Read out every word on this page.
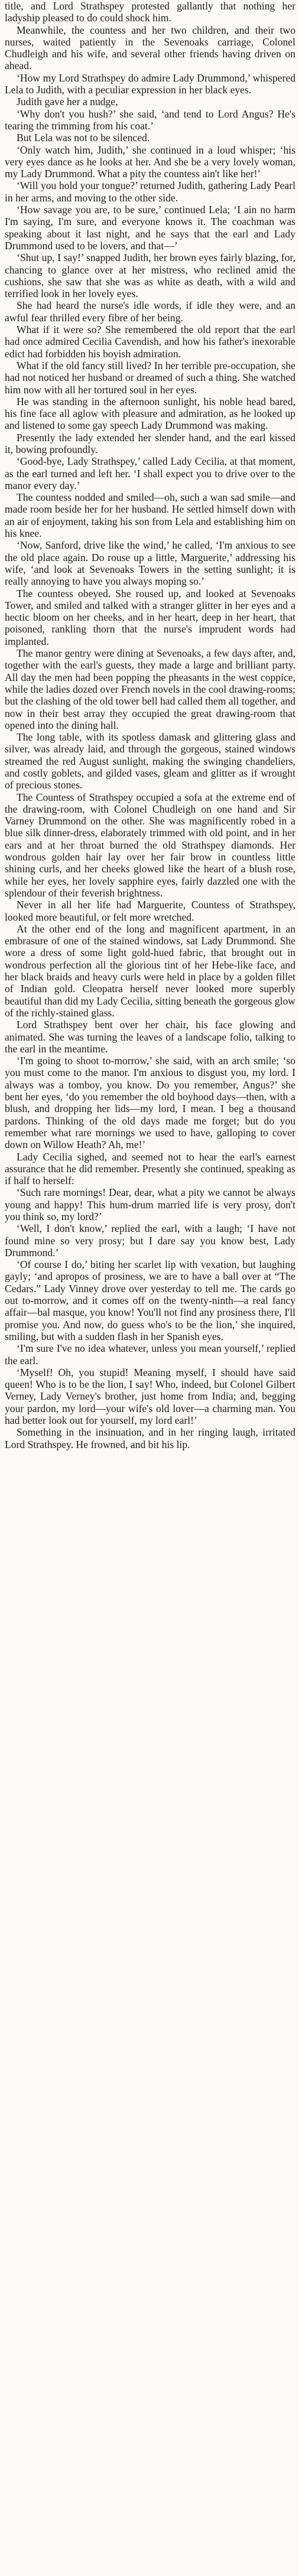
title, and Lord Strathspey protested gallantly that nothing her ladyship pleased to do could shock him.

Meanwhile, the countess and her two children, and their two nurses, waited patiently in the Sevenoaks carriage, Colonel Chudleigh and his wife, and several other friends having driven on ahead.

‘How my Lord Strathspey do admire Lady Drummond,’ whispered Lela to Judith, with a peculiar expression in her black eyes.

Judith gave her a nudge,

‘Why don't you hush?’ she said, ‘and tend to Lord Angus? He's tearing the trimming from his coat.’

But Lela was not to be silenced.

‘Only watch him, Judith,’ she continued in a loud whisper; ‘his very eyes dance as he looks at her. And she be a very lovely woman, my Lady Drummond. What a pity the countess ain't like her!’

‘Will you hold your tongue?’ returned Judith, gathering Lady Pearl in her arms, and moving to the other side.

‘How savage you are, to be sure,’ continued Lela; ‘I ain no harm I'm saying, I'm sure, and everyone knows it. The coachman was speaking about it last night, and he says that the earl and Lady Drummond used to be lovers, and that—’

‘Shut up, I say!’ snapped Judith, her brown eyes fairly blazing, for, chancing to glance over at her mistress, who reclined amid the cushions, she saw that she was as white as death, with a wild and terrified look in her lovely eyes.

She had heard the nurse's idle words, if idle they were, and an awful fear thrilled every fibre of her being.

What if it were so? She remembered the old report that the earl had once admired Cecilia Cavendish, and how his father's inexorable edict had forbidden his boyish admiration.

What if the old fancy still lived? In her terrible pre-occupation, she had not noticed her husband or dreamed of such a thing. She watched him now with all her tortured soul in her eyes.

He was standing in the afternoon sunlight, his noble head bared, his fine face all aglow with pleasure and admiration, as he looked up and listened to some gay speech Lady Drummond was making.

Presently the lady extended her slender hand, and the earl kissed it, bowing profoundly.

‘Good-bye, Lady Strathspey,’ called Lady Cecilia, at that moment, as the earl turned and left her. ‘I shall expect you to drive over to the manor every day.’

The countess nodded and smiled—oh, such a wan sad smile—and made room beside her for her husband. He settled himself down with an air of enjoyment, taking his son from Lela and establishing him on his knee.

‘Now, Sanford, drive like the wind,’ he called, ‘I'm anxious to see the old place again. Do rouse up a little, Marguerite,’ addressing his wife, ‘and look at Sevenoaks Towers in the setting sunlight; it is really annoying to have you always moping so.’

The countess obeyed. She roused up, and looked at Sevenoaks Tower, and smiled and talked with a stranger glitter in her eyes and a hectic bloom on her cheeks, and in her heart, deep in her heart, that poisoned, rankling thorn that the nurse's imprudent words had implanted.

The manor gentry were dining at Sevenoaks, a few days after, and, together with the earl's guests, they made a large and brilliant party. All day the men had been popping the pheasants in the west coppice, while the ladies dozed over French novels in the cool drawing-rooms; but the clashing of the old tower bell had called them all together, and now in their best array they occupied the great drawing-room that opened into the dining hall.

The long table, with its spotless damask and glittering glass and silver, was already laid, and through the gorgeous, stained windows streamed the red August sunlight, making the swinging chandeliers, and costly goblets, and gilded vases, gleam and glitter as if wrought of precious stones.

The Countess of Strathspey occupied a sofa at the extreme end of the drawing-room, with Colonel Chudleigh on one hand and Sir Varney Drummond on the other. She was magnificently robed in a blue silk dinner-dress, elaborately trimmed with old point, and in her ears and at her throat burned the old Strathspey diamonds. Her wondrous golden hair lay over her fair brow in countless little shining curls, and her cheeks glowed like the heart of a blush rose, while her eyes, her lovely sapphire eyes, fairly dazzled one with the splendour of their feverish brightness.

Never in all her life had Marguerite, Countess of Strathspey, looked more beautiful, or felt more wretched.

At the other end of the long and magnificent apartment, in an embrasure of one of the stained windows, sat Lady Drummond. She wore a dress of some light gold-hued fabric, that brought out in wondrous perfection all the glorious tint of her Hebe-like face, and her black braids and heavy curls were held in place by a golden fillet of Indian gold. Cleopatra herself never looked more superbly beautiful than did my Lady Cecilia, sitting beneath the gorgeous glow of the richly-stained glass.

Lord Strathspey bent over her chair, his face glowing and animated. She was turning the leaves of a landscape folio, talking to the earl in the meantime.

‘I'm going to shoot to-morrow,’ she said, with an arch smile; ‘so you must come to the manor. I'm anxious to disgust you, my lord. I always was a tomboy, you know. Do you remember, Angus?’ she bent her eyes, ‘do you remember the old boyhood days—then, with a blush, and dropping her lids—my lord, I mean. I beg a thousand pardons. Thinking of the old days made me forget; but do you remember what rare mornings we used to have, galloping to cover down on Willow Heath? Ah, me!’

Lady Cecilia sighed, and seemed not to hear the earl's earnest assurance that he did remember. Presently she continued, speaking as if half to herself:

‘Such rare mornings! Dear, dear, what a pity we cannot be always young and happy! This hum-drum married life is very prosy, don't you think so, my lord?’

‘Well, I don't know,’ replied the earl, with a laugh; ‘I have not found mine so very prosy; but I dare say you know best, Lady Drummond.’

‘Of course I do,’ biting her scarlet lip with vexation, but laughing gayly; ‘and apropos of prosiness, we are to have a ball over at “The Cedars.” Lady Vinney drove over yesterday to tell me. The cards go out to-morrow, and it comes off on the twenty-ninth—a real fancy affair—bal masque, you know! You'll not find any prosiness there, I'll promise you. And now, do guess who's to be the lion,’ she inquired, smiling, but with a sudden flash in her Spanish eyes.

‘I'm sure I've no idea whatever, unless you mean yourself,’ replied the earl.

‘Myself! Oh, you stupid! Meaning myself, I should have said queen! Who is to be the lion, I say! Who, indeed, but Colonel Gilbert Verney, Lady Verney's brother, just home from India; and, begging your pardon, my lord—your wife's old lover—a charming man. You had better look out for yourself, my lord earl!’

Something in the insinuation, and in her ringing laugh, irritated Lord Strathspey. He frowned, and bit his lip.
